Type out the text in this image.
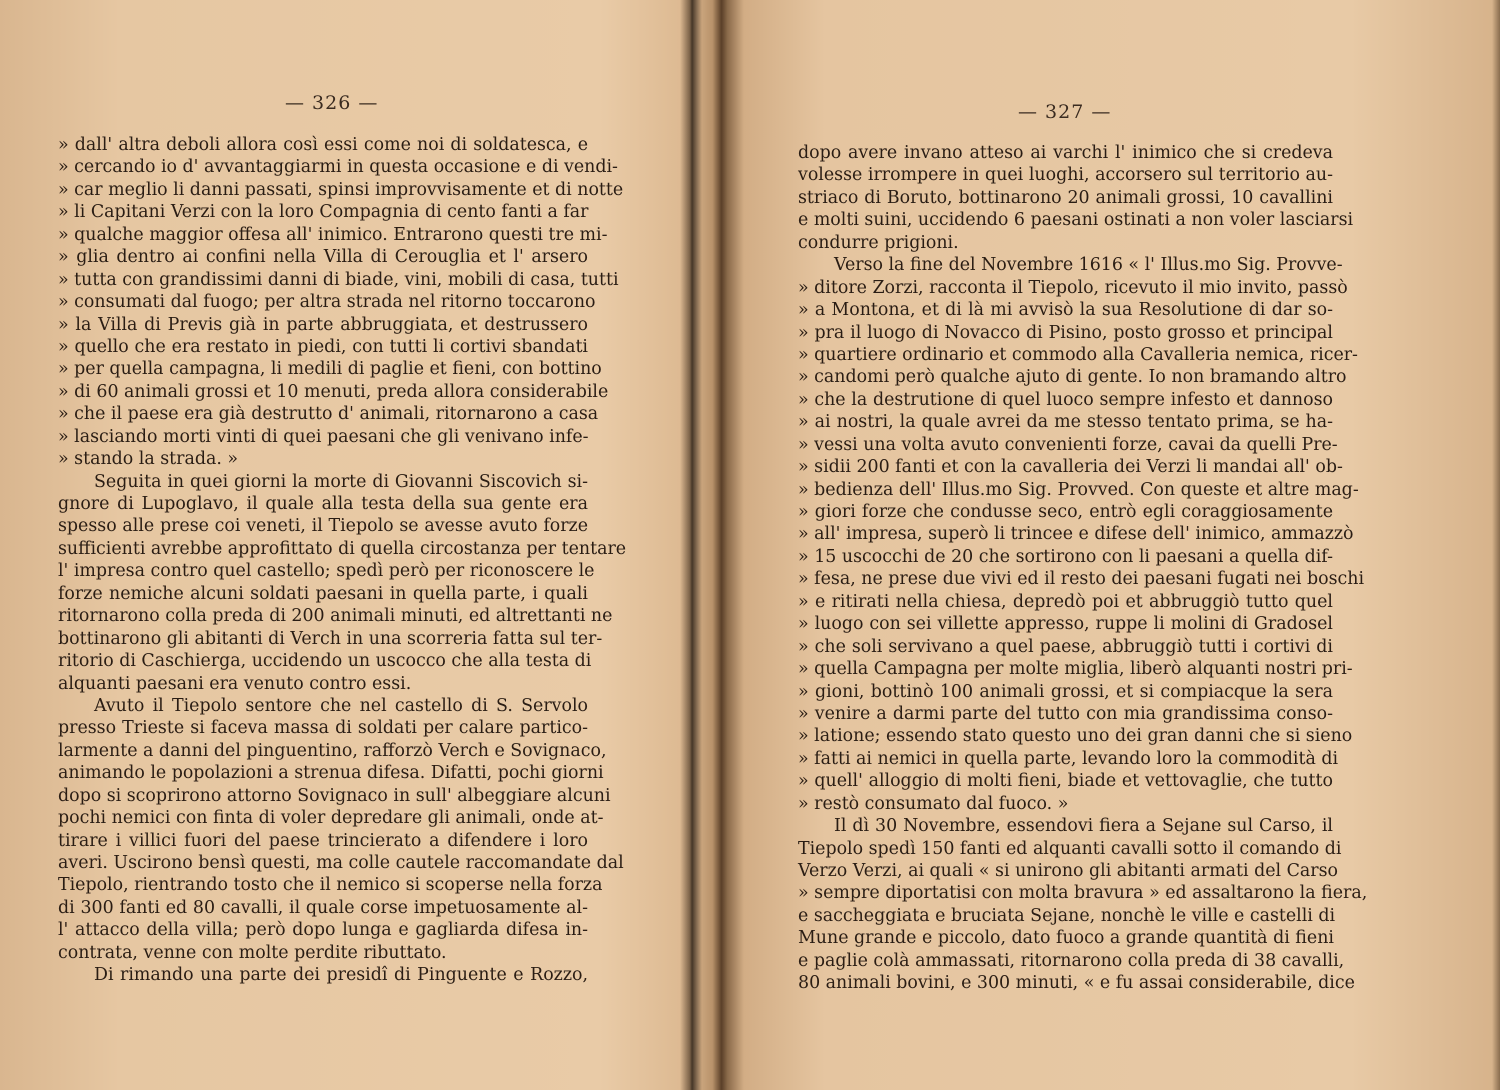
— 326 —
» dall' altra deboli allora così essi come noi di soldatesca, e
» cercando io d' avvantaggiarmi in questa occasione e di vendi-
» car meglio li danni passati, spinsi improvvisamente et di notte
» li Capitani Verzi con la loro Compagnia di cento fanti a far
» qualche maggior offesa all' inimico. Entrarono questi tre mi-
» glia dentro ai confini nella Villa di Cerouglia et l' arsero
» tutta con grandissimi danni di biade, vini, mobili di casa, tutti
» consumati dal fuogo; per altra strada nel ritorno toccarono
» la Villa di Previs già in parte abbruggiata, et destrussero
» quello che era restato in piedi, con tutti li cortivi sbandati
» per quella campagna, li medili di paglie et fieni, con bottino
» di 60 animali grossi et 10 menuti, preda allora considerabile
» che il paese era già destrutto d' animali, ritornarono a casa
» lasciando morti vinti di quei paesani che gli venivano infe-
» stando la strada. »
Seguita in quei giorni la morte di Giovanni Siscovich si-
gnore di Lupoglavo, il quale alla testa della sua gente era
spesso alle prese coi veneti, il Tiepolo se avesse avuto forze
sufficienti avrebbe approfittato di quella circostanza per tentare
l' impresa contro quel castello; spedì però per riconoscere le
forze nemiche alcuni soldati paesani in quella parte, i quali
ritornarono colla preda di 200 animali minuti, ed altrettanti ne
bottinarono gli abitanti di Verch in una scorreria fatta sul ter-
ritorio di Caschierga, uccidendo un uscocco che alla testa di
alquanti paesani era venuto contro essi.
Avuto il Tiepolo sentore che nel castello di S. Servolo
presso Trieste si faceva massa di soldati per calare partico-
larmente a danni del pinguentino, rafforzò Verch e Sovignaco,
animando le popolazioni a strenua difesa. Difatti, pochi giorni
dopo si scoprirono attorno Sovignaco in sull' albeggiare alcuni
pochi nemici con finta di voler depredare gli animali, onde at-
tirare i villici fuori del paese trincierato a difendere i loro
averi. Uscirono bensì questi, ma colle cautele raccomandate dal
Tiepolo, rientrando tosto che il nemico si scoperse nella forza
di 300 fanti ed 80 cavalli, il quale corse impetuosamente al-
l' attacco della villa; però dopo lunga e gagliarda difesa in-
contrata, venne con molte perdite ributtato.
Di rimando una parte dei presidî di Pinguente e Rozzo,
— 327 —
dopo avere invano atteso ai varchi l' inimico che si credeva
volesse irrompere in quei luoghi, accorsero sul territorio au-
striaco di Boruto, bottinarono 20 animali grossi, 10 cavallini
e molti suini, uccidendo 6 paesani ostinati a non voler lasciarsi
condurre prigioni.
Verso la fine del Novembre 1616 « l' Illus.mo Sig. Provve-
» ditore Zorzi, racconta il Tiepolo, ricevuto il mio invito, passò
» a Montona, et di là mi avvisò la sua Resolutione di dar so-
» pra il luogo di Novacco di Pisino, posto grosso et principal
» quartiere ordinario et commodo alla Cavalleria nemica, ricer-
» candomi però qualche ajuto di gente. Io non bramando altro
» che la destrutione di quel luoco sempre infesto et dannoso
» ai nostri, la quale avrei da me stesso tentato prima, se ha-
» vessi una volta avuto convenienti forze, cavai da quelli Pre-
» sidii 200 fanti et con la cavalleria dei Verzi li mandai all' ob-
» bedienza dell' Illus.mo Sig. Provved. Con queste et altre mag-
» giori forze che condusse seco, entrò egli coraggiosamente
» all' impresa, superò li trincee e difese dell' inimico, ammazzò
» 15 uscocchi de 20 che sortirono con li paesani a quella dif-
» fesa, ne prese due vivi ed il resto dei paesani fugati nei boschi
» e ritirati nella chiesa, depredò poi et abbruggiò tutto quel
» luogo con sei villette appresso, ruppe li molini di Gradosel
» che soli servivano a quel paese, abbruggiò tutti i cortivi di
» quella Campagna per molte miglia, liberò alquanti nostri pri-
» gioni, bottinò 100 animali grossi, et si compiacque la sera
» venire a darmi parte del tutto con mia grandissima conso-
» latione; essendo stato questo uno dei gran danni che si sieno
» fatti ai nemici in quella parte, levando loro la commodità di
» quell' alloggio di molti fieni, biade et vettovaglie, che tutto
» restò consumato dal fuoco. »
Il dì 30 Novembre, essendovi fiera a Sejane sul Carso, il
Tiepolo spedì 150 fanti ed alquanti cavalli sotto il comando di
Verzo Verzi, ai quali « si unirono gli abitanti armati del Carso
» sempre diportatisi con molta bravura » ed assaltarono la fiera,
e saccheggiata e bruciata Sejane, nonchè le ville e castelli di
Mune grande e piccolo, dato fuoco a grande quantità di fieni
e paglie colà ammassati, ritornarono colla preda di 38 cavalli,
80 animali bovini, e 300 minuti, « e fu assai considerabile, dice
